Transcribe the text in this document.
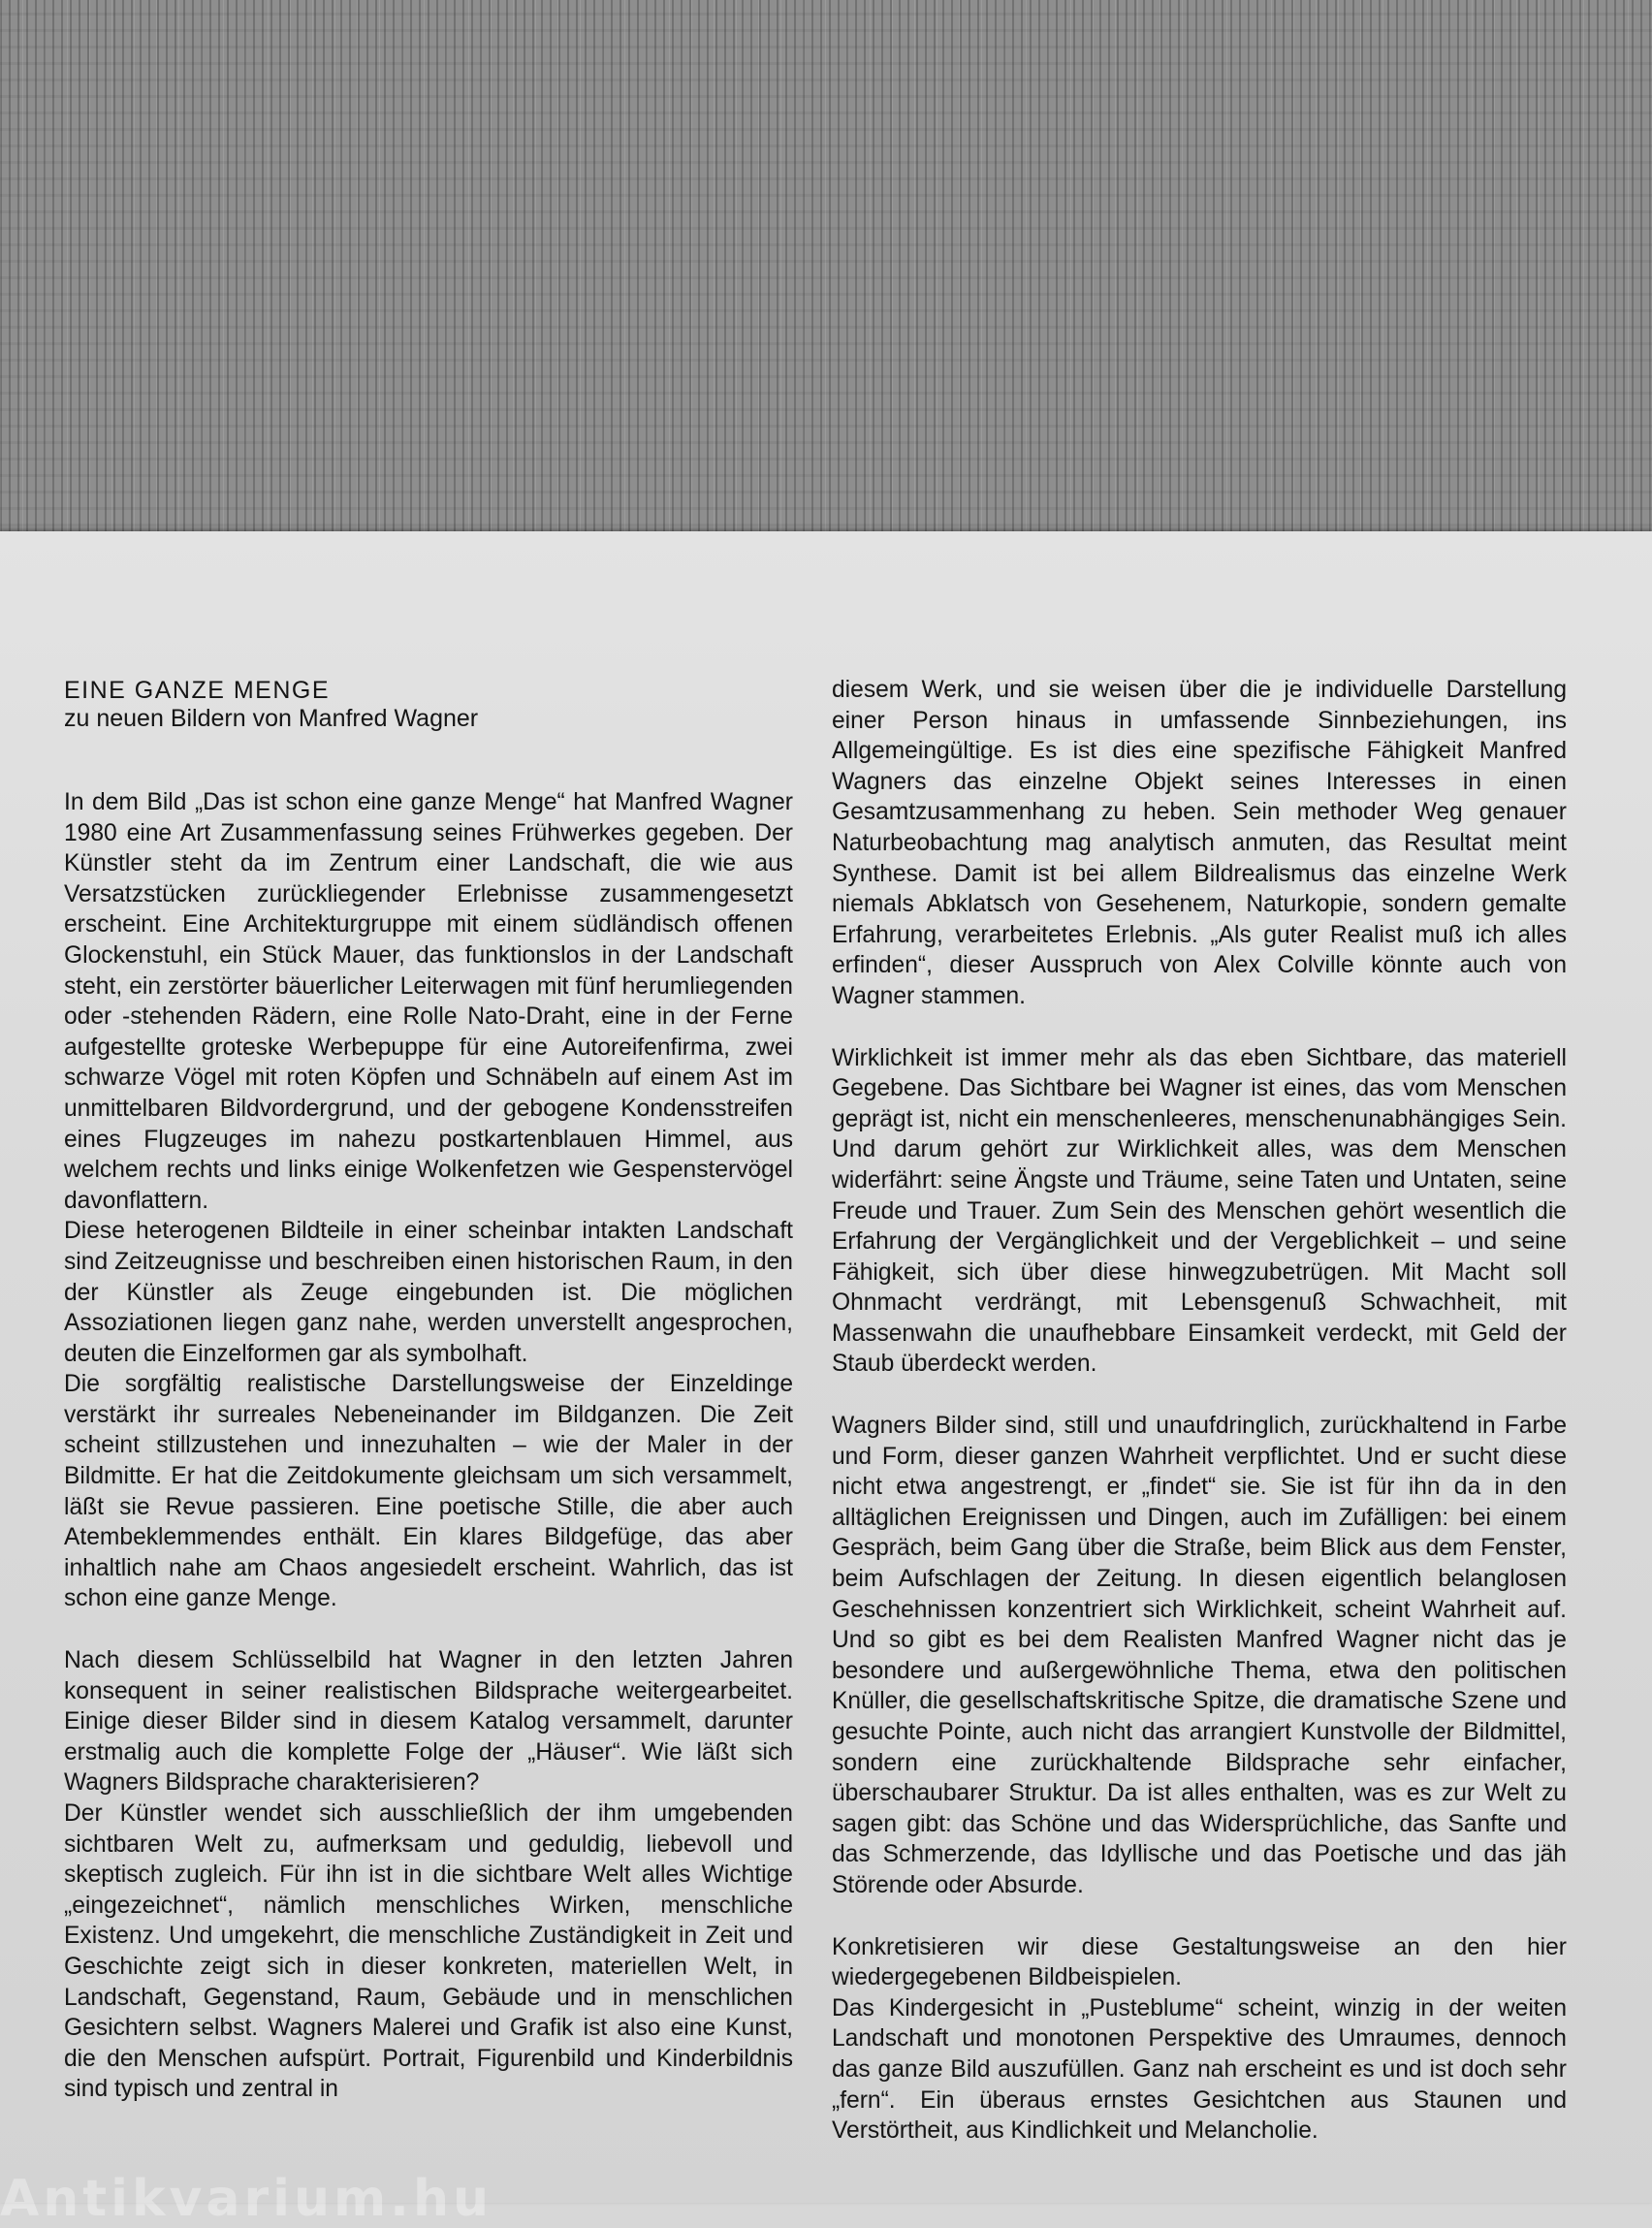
EINE GANZE MENGE
zu neuen Bildern von Manfred Wagner

In dem Bild „Das ist schon eine ganze Menge“ hat Manfred Wagner 1980 eine Art Zusammenfassung seines Frühwerkes gegeben. Der Künstler steht da im Zentrum einer Landschaft, die wie aus Versatzstücken zurückliegender Erlebnisse zusammengesetzt erscheint. Eine Architekturgruppe mit einem südländisch offenen Glockenstuhl, ein Stück Mauer, das funktionslos in der Landschaft steht, ein zerstörter bäuerlicher Leiterwagen mit fünf herumliegenden oder -stehenden Rädern, eine Rolle Nato-Draht, eine in der Ferne aufgestellte groteske Werbepuppe für eine Autoreifenfirma, zwei schwarze Vögel mit roten Köpfen und Schnäbeln auf einem Ast im unmittelbaren Bildvordergrund, und der gebogene Kondensstreifen eines Flugzeuges im nahezu postkartenblauen Himmel, aus welchem rechts und links einige Wolkenfetzen wie Gespenstervögel davonflattern.

Diese heterogenen Bildteile in einer scheinbar intakten Landschaft sind Zeitzeugnisse und beschreiben einen historischen Raum, in den der Künstler als Zeuge eingebunden ist. Die möglichen Assoziationen liegen ganz nahe, werden unverstellt angesprochen, deuten die Einzelformen gar als symbolhaft.

Die sorgfältig realistische Darstellungsweise der Einzeldinge verstärkt ihr surreales Nebeneinander im Bildganzen. Die Zeit scheint stillzustehen und innezuhalten – wie der Maler in der Bildmitte. Er hat die Zeitdokumente gleichsam um sich versammelt, läßt sie Revue passieren. Eine poetische Stille, die aber auch Atembeklemmendes enthält. Ein klares Bildgefüge, das aber inhaltlich nahe am Chaos angesiedelt erscheint. Wahrlich, das ist schon eine ganze Menge.

Nach diesem Schlüsselbild hat Wagner in den letzten Jahren konsequent in seiner realistischen Bildsprache weitergearbeitet. Einige dieser Bilder sind in diesem Katalog versammelt, darunter erstmalig auch die komplette Folge der „Häuser“. Wie läßt sich Wagners Bildsprache charakterisieren?

Der Künstler wendet sich ausschließlich der ihm umgebenden sichtbaren Welt zu, aufmerksam und geduldig, liebevoll und skeptisch zugleich. Für ihn ist in die sichtbare Welt alles Wichtige „eingezeichnet“, nämlich menschliches Wirken, menschliche Existenz. Und umgekehrt, die menschliche Zuständigkeit in Zeit und Geschichte zeigt sich in dieser konkreten, materiellen Welt, in Landschaft, Gegenstand, Raum, Gebäude und in menschlichen Gesichtern selbst. Wagners Malerei und Grafik ist also eine Kunst, die den Menschen aufspürt. Portrait, Figurenbild und Kinderbildnis sind typisch und zentral in

diesem Werk, und sie weisen über die je individuelle Darstellung einer Person hinaus in umfassende Sinnbeziehungen, ins Allgemeingültige. Es ist dies eine spezifische Fähigkeit Manfred Wagners das einzelne Objekt seines Interesses in einen Gesamtzusammenhang zu heben. Sein methoder Weg genauer Naturbeobachtung mag analytisch anmuten, das Resultat meint Synthese. Damit ist bei allem Bildrealismus das einzelne Werk niemals Abklatsch von Gesehenem, Naturkopie, sondern gemalte Erfahrung, verarbeitetes Erlebnis. „Als guter Realist muß ich alles erfinden“, dieser Ausspruch von Alex Colville könnte auch von Wagner stammen.

Wirklichkeit ist immer mehr als das eben Sichtbare, das materiell Gegebene. Das Sichtbare bei Wagner ist eines, das vom Menschen geprägt ist, nicht ein menschenleeres, menschenunabhängiges Sein. Und darum gehört zur Wirklichkeit alles, was dem Menschen widerfährt: seine Ängste und Träume, seine Taten und Untaten, seine Freude und Trauer. Zum Sein des Menschen gehört wesentlich die Erfahrung der Vergänglichkeit und der Vergeblichkeit – und seine Fähigkeit, sich über diese hinwegzubetrügen. Mit Macht soll Ohnmacht verdrängt, mit Lebensgenuß Schwachheit, mit Massenwahn die unaufhebbare Einsamkeit verdeckt, mit Geld der Staub überdeckt werden.

Wagners Bilder sind, still und unaufdringlich, zurückhaltend in Farbe und Form, dieser ganzen Wahrheit verpflichtet. Und er sucht diese nicht etwa angestrengt, er „findet“ sie. Sie ist für ihn da in den alltäglichen Ereignissen und Dingen, auch im Zufälligen: bei einem Gespräch, beim Gang über die Straße, beim Blick aus dem Fenster, beim Aufschlagen der Zeitung. In diesen eigentlich belanglosen Geschehnissen konzentriert sich Wirklichkeit, scheint Wahrheit auf. Und so gibt es bei dem Realisten Manfred Wagner nicht das je besondere und außergewöhnliche Thema, etwa den politischen Knüller, die gesellschaftskritische Spitze, die dramatische Szene und gesuchte Pointe, auch nicht das arrangiert Kunstvolle der Bildmittel, sondern eine zurückhaltende Bildsprache sehr einfacher, überschaubarer Struktur. Da ist alles enthalten, was es zur Welt zu sagen gibt: das Schöne und das Widersprüchliche, das Sanfte und das Schmerzende, das Idyllische und das Poetische und das jäh Störende oder Absurde.

Konkretisieren wir diese Gestaltungsweise an den hier wiedergegebenen Bildbeispielen.

Das Kindergesicht in „Pusteblume“ scheint, winzig in der weiten Landschaft und monotonen Perspektive des Umraumes, dennoch das ganze Bild auszufüllen. Ganz nah erscheint es und ist doch sehr „fern“. Ein überaus ernstes Gesichtchen aus Staunen und Verstörtheit, aus Kindlichkeit und Melancholie.

Antikvarium.hu
